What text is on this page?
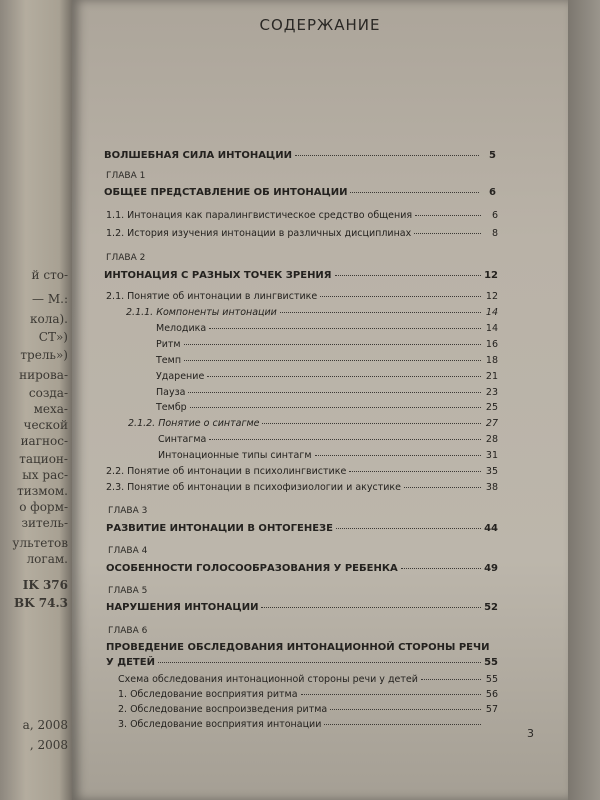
й сто-
— М.:
кола).
СТ»)
трель»)
нирова-
созда-
меха-
ческой
иагнос-
тацион-
ых рас-
тизмом.
о форм-
зитель-
ультетов
логам.
IK 376
BK 74.3
а, 2008
, 2008
СОДЕРЖАНИЕ
ВОЛШЕБНАЯ СИЛА ИНТОНАЦИИ	5
ГЛАВА 1
ОБЩЕЕ ПРЕДСТАВЛЕНИЕ ОБ ИНТОНАЦИИ	6
1.1. Интонация как паралингвистическое средство общения	6
1.2. История изучения интонации в различных дисциплинах	8
ГЛАВА 2
ИНТОНАЦИЯ С РАЗНЫХ ТОЧЕК ЗРЕНИЯ	12
2.1. Понятие об интонации в лингвистике	12
2.1.1. Компоненты интонации	14
Мелодика	14
Ритм	16
Темп	18
Ударение	21
Пауза	23
Тембр	25
2.1.2. Понятие о синтагме	27
Синтагма	28
Интонационные типы синтагм	31
2.2. Понятие об интонации в психолингвистике	35
2.3. Понятие об интонации в психофизиологии и акустике	38
ГЛАВА 3
РАЗВИТИЕ ИНТОНАЦИИ В ОНТОГЕНЕЗЕ	44
ГЛАВА 4
ОСОБЕННОСТИ ГОЛОСООБРАЗОВАНИЯ У РЕБЕНКА	49
ГЛАВА 5
НАРУШЕНИЯ ИНТОНАЦИИ	52
ГЛАВА 6
ПРОВЕДЕНИЕ ОБСЛЕДОВАНИЯ ИНТОНАЦИОННОЙ СТОРОНЫ РЕЧИ
У ДЕТЕЙ	55
Схема обследования интонационной стороны речи у детей	55
1. Обследование восприятия ритма	56
2. Обследование воспроизведения ритма	57
3. Обследование восприятия интонации
3
